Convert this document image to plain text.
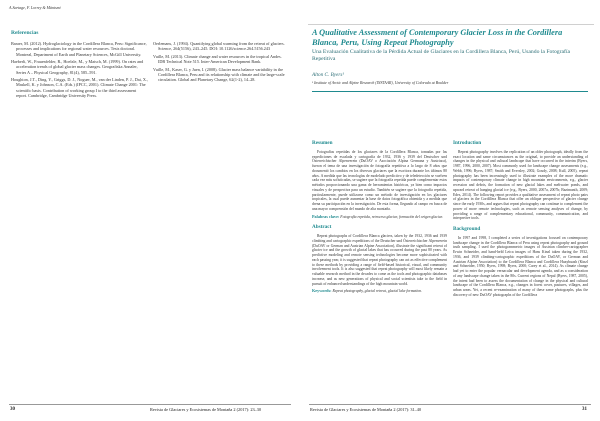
A.Sartage, F. Lorrey & Mäntsmi
Referencias

Baraer, M. (2012). Hydroglaciology in the Cordillera Blanca, Peru: Significance, processes and implications for regional water resources. Tesis doctoral. Montreal, Department of Earth and Planetary Sciences, McGill University.

Haeberli, W., Frauenfelder, R., Hoelzle, M., y Maisch, M. (1999). On rates and acceleration trends of global glacier mass changes. Geografiska Annaler, Series A – Physical Geography, 81(4), 585–591.

Houghton, J.T., Ding, Y., Griggs, D. J., Noguer, M., van der Linden, P. J., Dai, X., Maskell, K. y Johnson, C.A. (Eds.) (IPCC, 2001). Climate Change 2001: The scientific basis. Contribution of working group I to the third assessment report. Cambridge, Cambridge University Press.

Oerlemans, J. (1994). Quantifying global warming from the retreat of glaciers. Science, 264(5156), 243–245. DOI: 10.1126/science.264.5156.243

Vuille, M. (2013). Climate change and water resources in the tropical Andes. IDB Technical Note 515. Inter-American Development Bank.

Vuille, M., Kaser, G. y Juen, I. (2008). Glacier mass balance variability in the Cordillera Blanca, Peru and its relationship with climate and the large-scale circulation. Global and Planetary Change, 62(1-2), 14–28.

30	Revista de Glaciares y Ecosistemas de Montaña 2 (2017): 23–30
A Qualitative Assessment of Contemporary Glacier Loss in the Cordillera Blanca, Peru, Using Repeat Photography
Una Evaluación Cualitativa de la Pérdida Actual de Glaciares en la Cordillera Blanca, Perú, Usando la Fotografía Repetitiva
Alton C. Byers¹
¹ Institute of Arctic and Alpine Research (INSTAAR), University of Colorado at Boulder
Resumen

Fotografías repetidas de los glaciares de la Cordillera Blanca, tomadas por las expediciones de escalada y cartografía de 1932, 1936 y 1939 del Deutscher und Österreichischer Alpenverein (DuOAV o Asociación Alpina Germana y Austriaca), fueron el tema de una investigación de fotografía repetitiva a lo largo de 8 años que documentó los cambios en los diversos glaciares que la escritora durante los últimos 80 años. A medida que las tecnologías de modelado predictivo y de teledetección se vuelven cada vez más sofisticadas, se sugiere que la fotografía repetida puede complementar estos métodos proporcionando una gama de herramientas históricas, ya bien como impactos visuales y de perspectiva para un estudio. También se sugiere que la fotografía repetida, particularmente, puede utilizarse como un método de investigación en los glaciares tropicales, la cual puede aumentar la base de datos fotográfica obtenida y a medida que drena su participación en la investigación. De esta forma, llegando al campo en busca de una mayor comprensión del mundo de alta montaña.

Palabras clave: Fotografía repetida, retroceso glaciar, formación del origen glaciar.
Abstract

Repeat photographs of Cordillera Blanca glaciers, taken by the 1932, 1936 and 1939 climbing and cartographic expeditions of the Deutscher und Österreichischer Alpenverein (DuOAV or German and Austrian Alpine Association), illustrate the significant retreat of glacier ice and the growth of glacial lakes that has occurred during the past 80 years. As predictive modeling and remote sensing technologies become more sophisticated with each passing year, it is suggested that repeat photography can act as effective complement to these methods by providing a range of field-based historical, visual, and community involvement tools. It is also suggested that repeat photography will most likely remain a valuable research method in the decades to come as the tools and photographic databases increase, and as new generations of physical and social scientists take to the field in pursuit of enhanced understandings of the high mountain world.

Keywords: Repeat photography, glacial retreat, glacial lake formation.
Introduction

Repeat photography involves the replication of an older photograph, ideally from the exact location and same circumstances as the original, to provide an understanding of changes in the physical and cultural landscape that have occurred in the interim (Byers, 1987, 1996, 2000, 2007). Most commonly used for landscape change assessments (e.g., Webb, 1996; Byers, 1987; Smith and Eversley, 2002; Goudy, 2008; Kull, 2005), repeat photography has been increasingly used to illustrate examples of the more dramatic impacts of contemporary climate change in high mountain environments, e.g., glacier recession and debris, the formation of new glacial lakes and meltwater ponds, and upward retreat of hanging glacial ice (e.g., Byers, 2000, 2007a, 2007b; Bazimanth, 2009; Edes, 2014). The following report provides a qualitative assessment of repeat photo pairs of glaciers in the Cordillera Blanca that offer an oblique perspective of glacier change since the early 1930s, and argues that repeat photography can continue to complement the power of more remote technologies, such as remote sensing analyses of change, by providing a range of complementary educational, community, communication, and interpretive tools.

Background

In 1997 and 1998, I completed a series of investigations focused on contemporary landscape change in the Cordillera Blanca of Peru using repeat photography and ground truth sampling. I used the photogrammetric images of Austrian climber-cartographer Erwin Schneider, and hand-held Leica images of Hans Kinzl taken during the 1932, 1936, and 1939 climbing-cartographic expeditions of the DuOAV, or German and Austrian Alpine Association) to the Cordillera Blanca and Cordillera Huayhuash (Kinzl and Schneider, 1950; Byers, 1998; Byers, 2000; Carey et al., 2014). As climate change had yet to enter the popular vernacular and development agenda, and as a consideration of any landscape change taken in the 80s. Current regions of Nepal (Byers, 1987, 2005), the intent had been to assess the documentation of change in the physical and cultural landscape of the Cordillera Blanca, e.g., changes in forest cover, pastures, villages, and urban areas. Yet, a recent re-examination of many of these same photographs, plus the discovery of new DuOAV photographs of the Cordillera

Revista de Glaciares y Ecosistemas de Montaña 2 (2017): 31–40	31
